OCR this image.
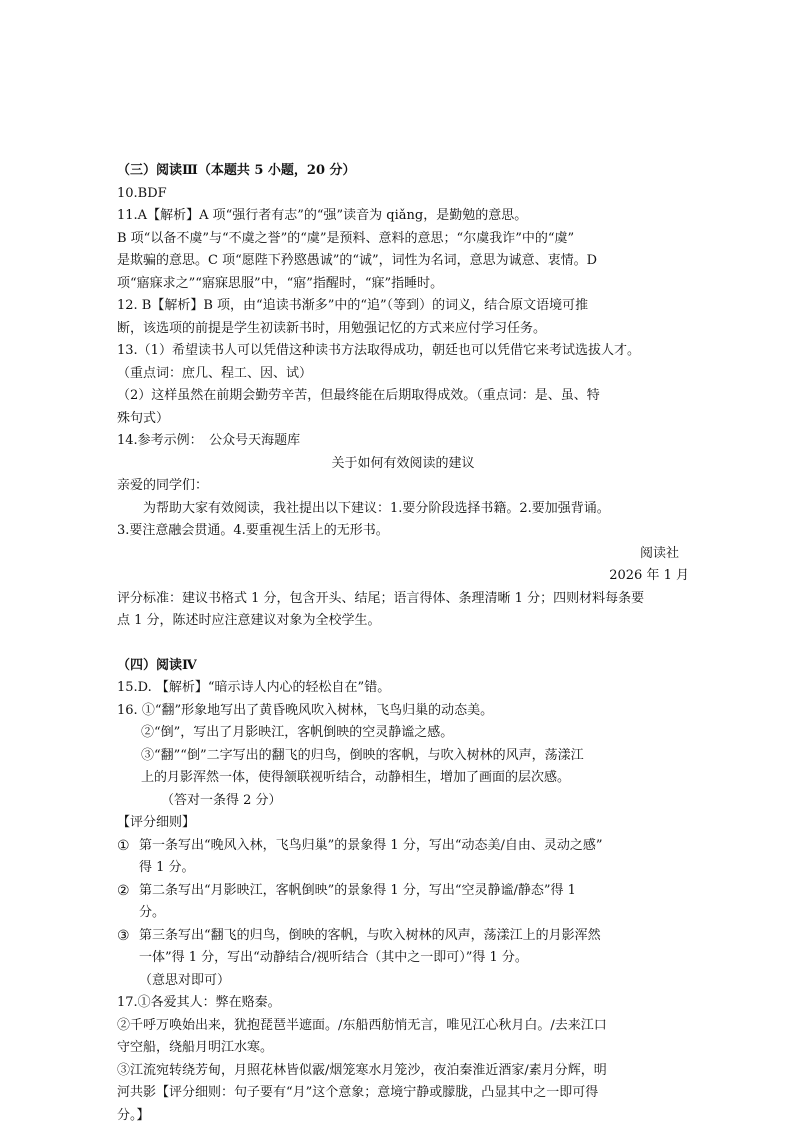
（三）阅读Ⅲ（本题共 5 小题，20 分）

10.BDF

11.A【解析】A 项“强行者有志”的“强”读音为 qiǎng，是勤勉的意思。

B 项“以备不虞”与“不虞之誉”的“虞”是预料、意料的意思；“尔虞我诈”中的“虞”

是欺骗的意思。C 项“愿陛下矜愍愚诚”的“诚”，词性为名词，意思为诚意、衷情。D

项“寤寐求之”“寤寐思服”中，“寤”指醒时，“寐”指睡时。

12. B【解析】B 项，由“追读书渐多”中的“追”（等到）的词义，结合原文语境可推

断，该选项的前提是学生初读新书时，用勉强记忆的方式来应付学习任务。

13.（1）希望读书人可以凭借这种读书方法取得成功，朝廷也可以凭借它来考试选拔人才。

（重点词：庶几、程工、因、试）

（2）这样虽然在前期会勤劳辛苦，但最终能在后期取得成效。（重点词：是、虽、特

殊句式）

14.参考示例：　公众号天海题库

关于如何有效阅读的建议

亲爱的同学们：

为帮助大家有效阅读，我社提出以下建议：1.要分阶段选择书籍。2.要加强背诵。

3.要注意融会贯通。4.要重视生活上的无形书。

阅读社

2026 年 1 月

评分标准：建议书格式 1 分，包含开头、结尾；语言得体、条理清晰 1 分；四则材料每条要

点 1 分，陈述时应注意建议对象为全校学生。

（四）阅读Ⅳ

15.D. 【解析】“暗示诗人内心的轻松自在”错。

16. ①“翻”形象地写出了黄昏晚风吹入树林，飞鸟归巢的动态美。

②“倒”，写出了月影映江，客帆倒映的空灵静谧之感。

③“翻”“倒”二字写出的翻飞的归鸟，倒映的客帆，与吹入树林的风声，荡漾江

上的月影浑然一体，使得颔联视听结合，动静相生，增加了画面的层次感。

（答对一条得 2 分）

【评分细则】

① 第一条写出“晚风入林，飞鸟归巢”的景象得 1 分，写出“动态美/自由、灵动之感”

得 1 分。

② 第二条写出“月影映江，客帆倒映”的景象得 1 分，写出“空灵静谧/静态”得 1

分。

③ 第三条写出“翻飞的归鸟，倒映的客帆，与吹入树林的风声，荡漾江上的月影浑然

一体”得 1 分，写出“动静结合/视听结合（其中之一即可）”得 1 分。

（意思对即可）

17.①各爱其人：弊在赂秦。

②千呼万唤始出来，犹抱琵琶半遮面。/东船西舫悄无言，唯见江心秋月白。/去来江口

守空船，绕船月明江水寒。

③江流宛转绕芳甸，月照花林皆似霰/烟笼寒水月笼沙，夜泊秦淮近酒家/素月分辉，明

河共影【评分细则：句子要有“月”这个意象；意境宁静或朦胧，凸显其中之一即可得

分。】
